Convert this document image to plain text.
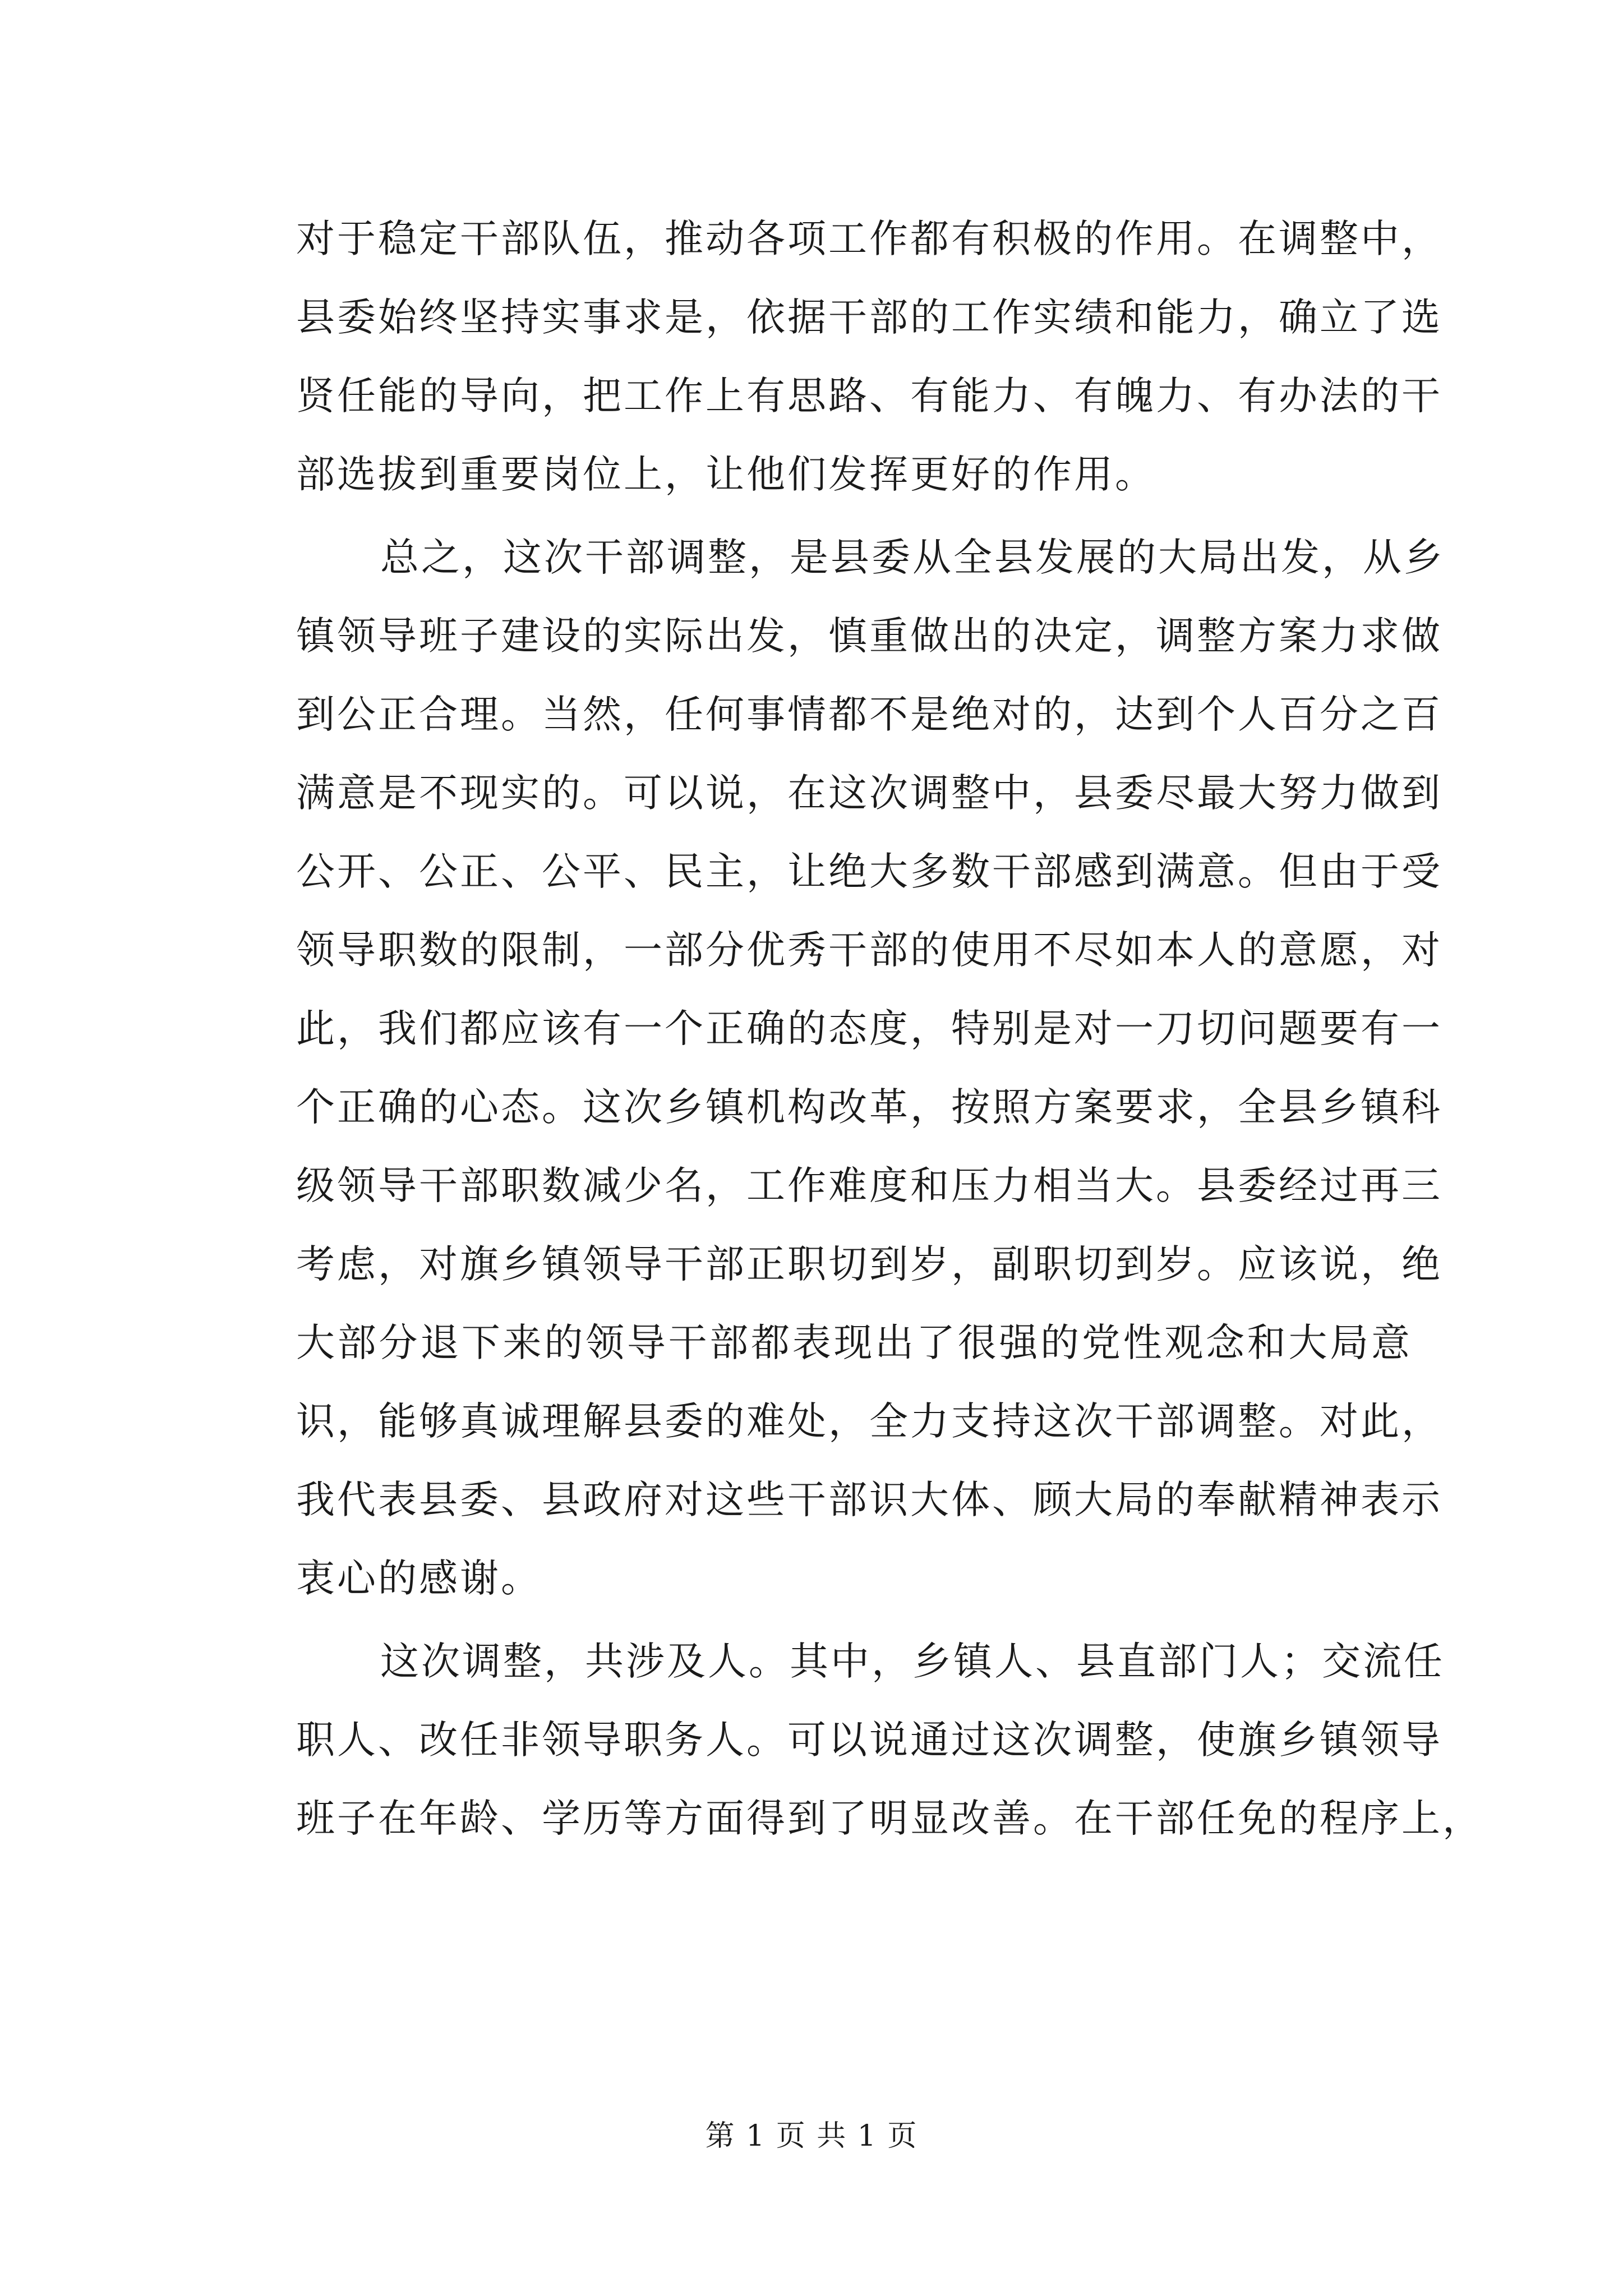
对于稳定干部队伍，推动各项工作都有积极的作用。在调整中，
县委始终坚持实事求是，依据干部的工作实绩和能力，确立了选
贤任能的导向，把工作上有思路、有能力、有魄力、有办法的干
部选拔到重要岗位上，让他们发挥更好的作用。
总之，这次干部调整，是县委从全县发展的大局出发，从乡
镇领导班子建设的实际出发，慎重做出的决定，调整方案力求做
到公正合理。当然，任何事情都不是绝对的，达到个人百分之百
满意是不现实的。可以说，在这次调整中，县委尽最大努力做到
公开、公正、公平、民主，让绝大多数干部感到满意。但由于受
领导职数的限制，一部分优秀干部的使用不尽如本人的意愿，对
此，我们都应该有一个正确的态度，特别是对一刀切问题要有一
个正确的心态。这次乡镇机构改革，按照方案要求，全县乡镇科
级领导干部职数减少名，工作难度和压力相当大。县委经过再三
考虑，对旗乡镇领导干部正职切到岁，副职切到岁。应该说，绝
大部分退下来的领导干部都表现出了很强的党性观念和大局意
识，能够真诚理解县委的难处，全力支持这次干部调整。对此，
我代表县委、县政府对这些干部识大体、顾大局的奉献精神表示
衷心的感谢。
这次调整，共涉及人。其中，乡镇人、县直部门人；交流任
职人、改任非领导职务人。可以说通过这次调整，使旗乡镇领导
班子在年龄、学历等方面得到了明显改善。在干部任免的程序上，
第 1 页 共 1 页
